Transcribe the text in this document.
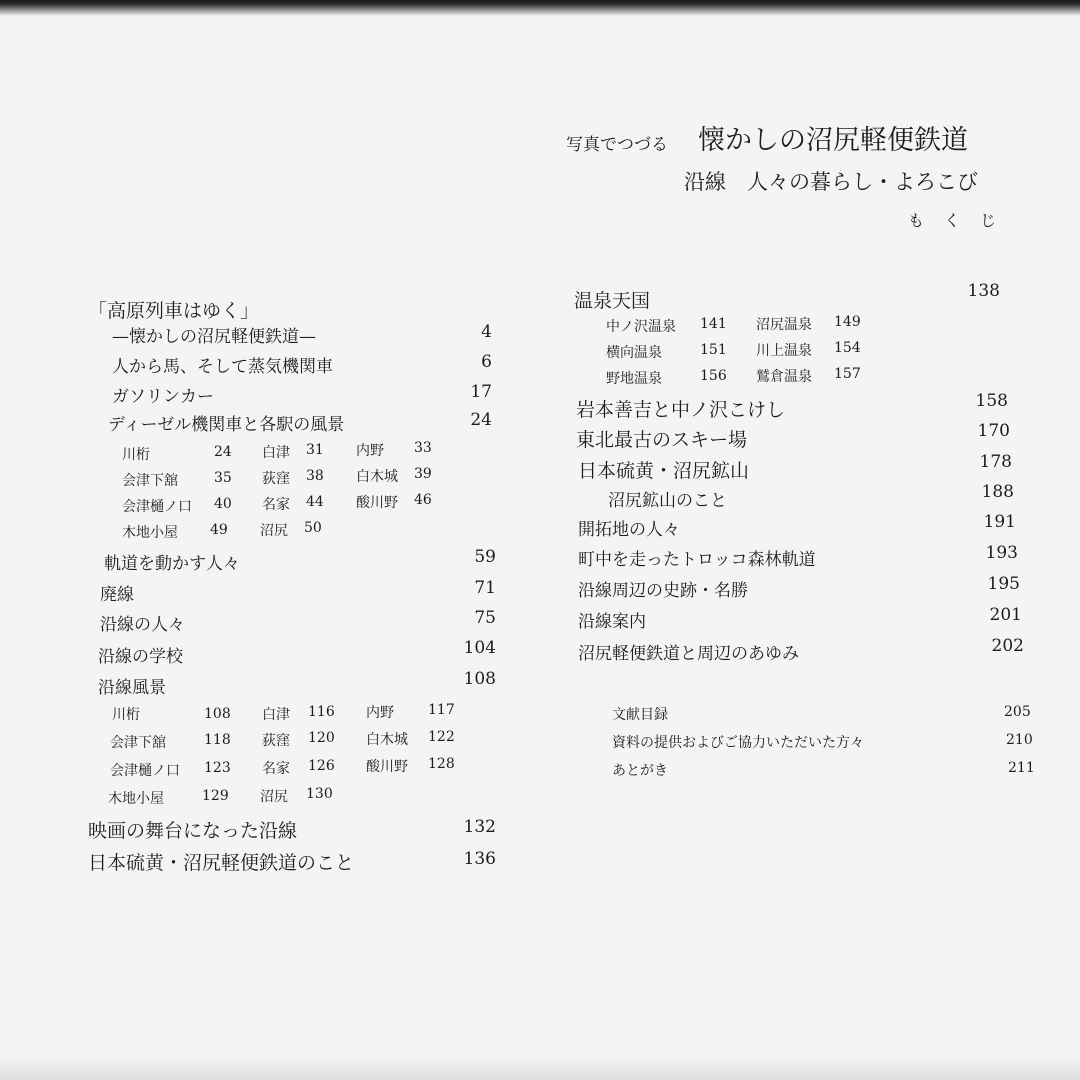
写真でつづる 懐かしの沼尻軽便鉄道
沿線　人々の暮らし・よろこび
もくじ
「高原列車はゆく」
—懐かしの沼尻軽便鉄道—	4
人から馬、そして蒸気機関車	6
ガソリンカー	17
ディーゼル機関車と各駅の風景	24
川桁	24 白津 31 内野 33
会津下舘	35 荻窪 38 白木城 39
会津樋ノ口 40 名家 44 酸川野 46
木地小屋 49 沼尻 50
軌道を動かす人々	59
廃線	71
沿線の人々	75
沿線の学校	104
沿線風景	108
川桁	108 白津 116 内野 117
会津下舘	118 荻窪 120 白木城 122
会津樋ノ口 123 名家 126 酸川野 128
木地小屋	129 沼尻 130
映画の舞台になった沿線	132
日本硫黄・沼尻軽便鉄道のこと	136
温泉天国	138
中ノ沢温泉 141 沼尻温泉 149
横向温泉	151 川上温泉 154
野地温泉	156 鷲倉温泉 157
岩本善吉と中ノ沢こけし	158
東北最古のスキー場	170
日本硫黄・沼尻鉱山	178
沼尻鉱山のこと	188
開拓地の人々	191
町中を走ったトロッコ森林軌道	193
沿線周辺の史跡・名勝	195
沿線案内	201
沼尻軽便鉄道と周辺のあゆみ	202
文献目録	205
資料の提供およびご協力いただいた方々	210
あとがき	211
